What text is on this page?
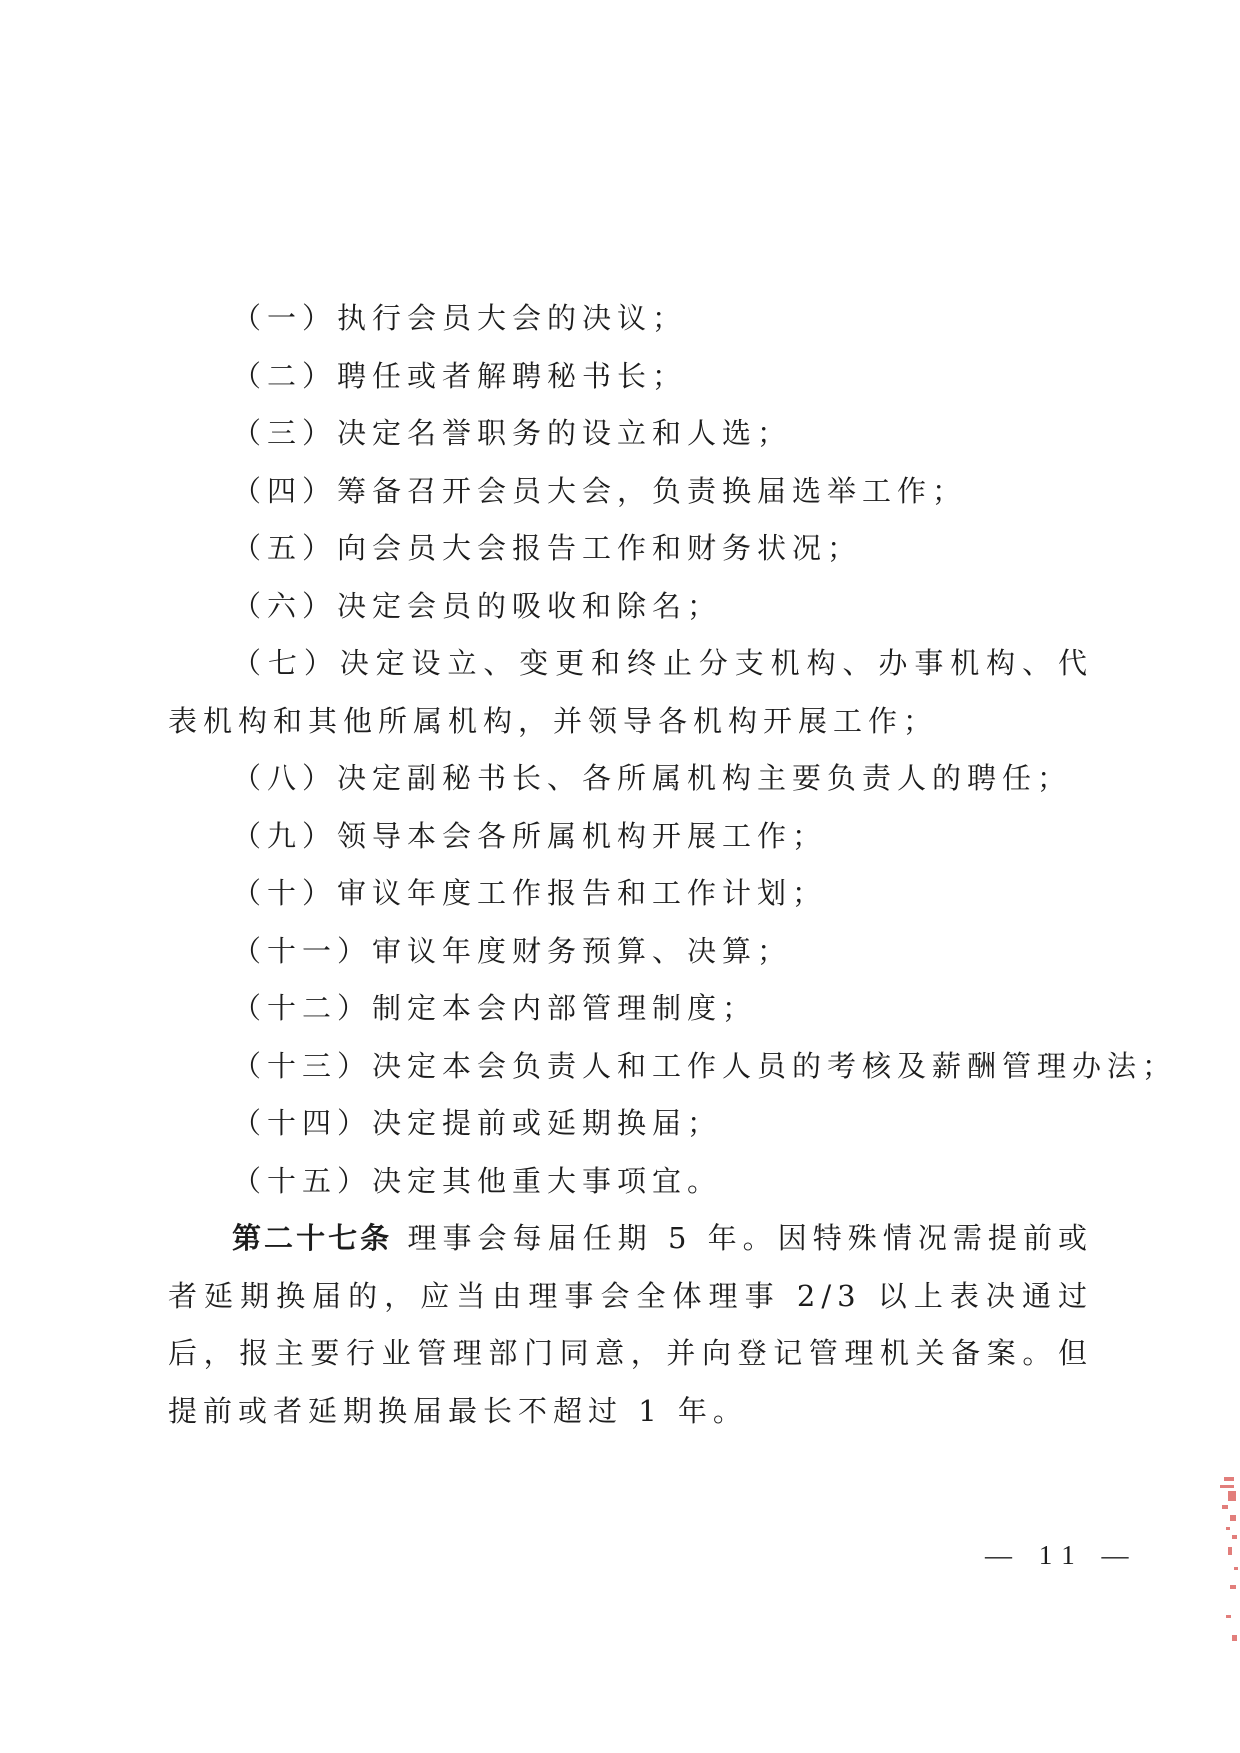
（一）执行会员大会的决议；

（二）聘任或者解聘秘书长；

（三）决定名誉职务的设立和人选；

（四）筹备召开会员大会，负责换届选举工作；

（五）向会员大会报告工作和财务状况；

（六）决定会员的吸收和除名；

（七）决定设立、变更和终止分支机构、办事机构、代表机构和其他所属机构，并领导各机构开展工作；

（八）决定副秘书长、各所属机构主要负责人的聘任；

（九）领导本会各所属机构开展工作；

（十）审议年度工作报告和工作计划；

（十一）审议年度财务预算、决算；

（十二）制定本会内部管理制度；

（十三）决定本会负责人和工作人员的考核及薪酬管理办法；

（十四）决定提前或延期换届；

（十五）决定其他重大事项宜。

第二十七条 理事会每届任期 5 年。因特殊情况需提前或者延期换届的，应当由理事会全体理事 2/3 以上表决通过后，报主要行业管理部门同意，并向登记管理机关备案。但提前或者延期换届最长不超过 1 年。

— 11 —
